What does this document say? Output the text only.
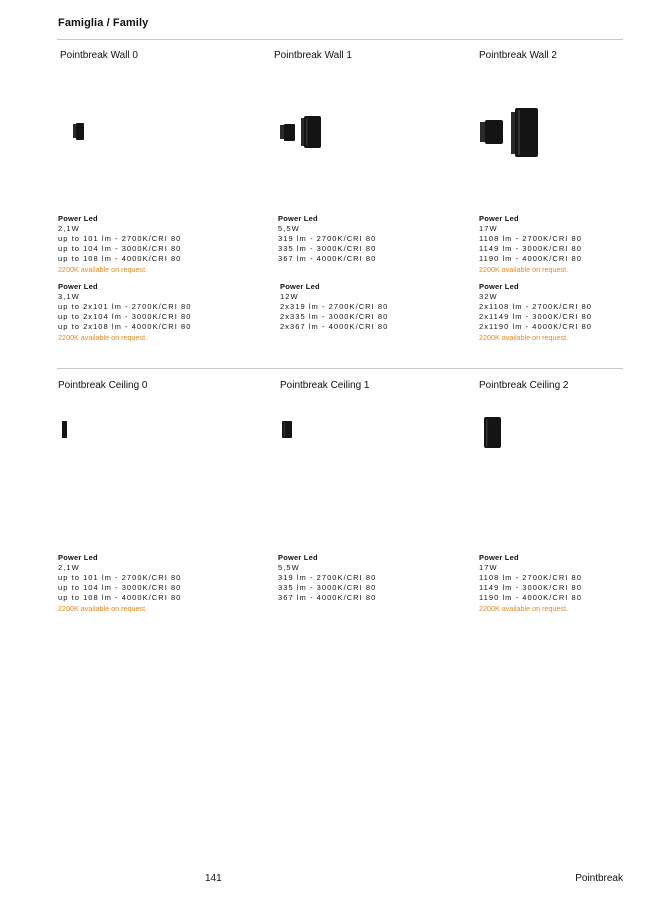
Famiglia / Family
Pointbreak Wall 0	Pointbreak Wall 1	Pointbreak Wall 2
Power Led
2,1W
up to 101 lm - 2700K/CRI 80
up to 104 lm - 3000K/CRI 80
up to 108 lm - 4000K/CRI 80
2200K available on request.
Power Led
5,5W
319 lm - 2700K/CRI 80
335 lm - 3000K/CRI 80
367 lm - 4000K/CRI 80
Power Led
17W
1108 lm - 2700K/CRI 80
1149 lm - 3000K/CRI 80
1190 lm - 4000K/CRI 80
2200K available on request.
Power Led
3,1W
up to 2x101 lm - 2700K/CRI 80
up to 2x104 lm - 3000K/CRI 80
up to 2x108 lm - 4000K/CRI 80
2200K available on request.
Power Led
12W
2x319 lm - 2700K/CRI 80
2x335 lm - 3000K/CRI 80
2x367 lm - 4000K/CRI 80
Power Led
32W
2x1108 lm - 2700K/CRI 80
2x1149 lm - 3000K/CRI 80
2x1190 lm - 4000K/CRI 80
2200K available on request.
Pointbreak Ceiling 0	Pointbreak Ceiling 1	Pointbreak Ceiling 2
Power Led
2,1W
up to 101 lm - 2700K/CRI 80
up to 104 lm - 3000K/CRI 80
up to 108 lm - 4000K/CRI 80
2200K available on request.
Power Led
5,5W
319 lm - 2700K/CRI 80
335 lm - 3000K/CRI 80
367 lm - 4000K/CRI 80
Power Led
17W
1108 lm - 2700K/CRI 80
1149 lm - 3000K/CRI 80
1190 lm - 4000K/CRI 80
2200K available on request.
141	Pointbreak
